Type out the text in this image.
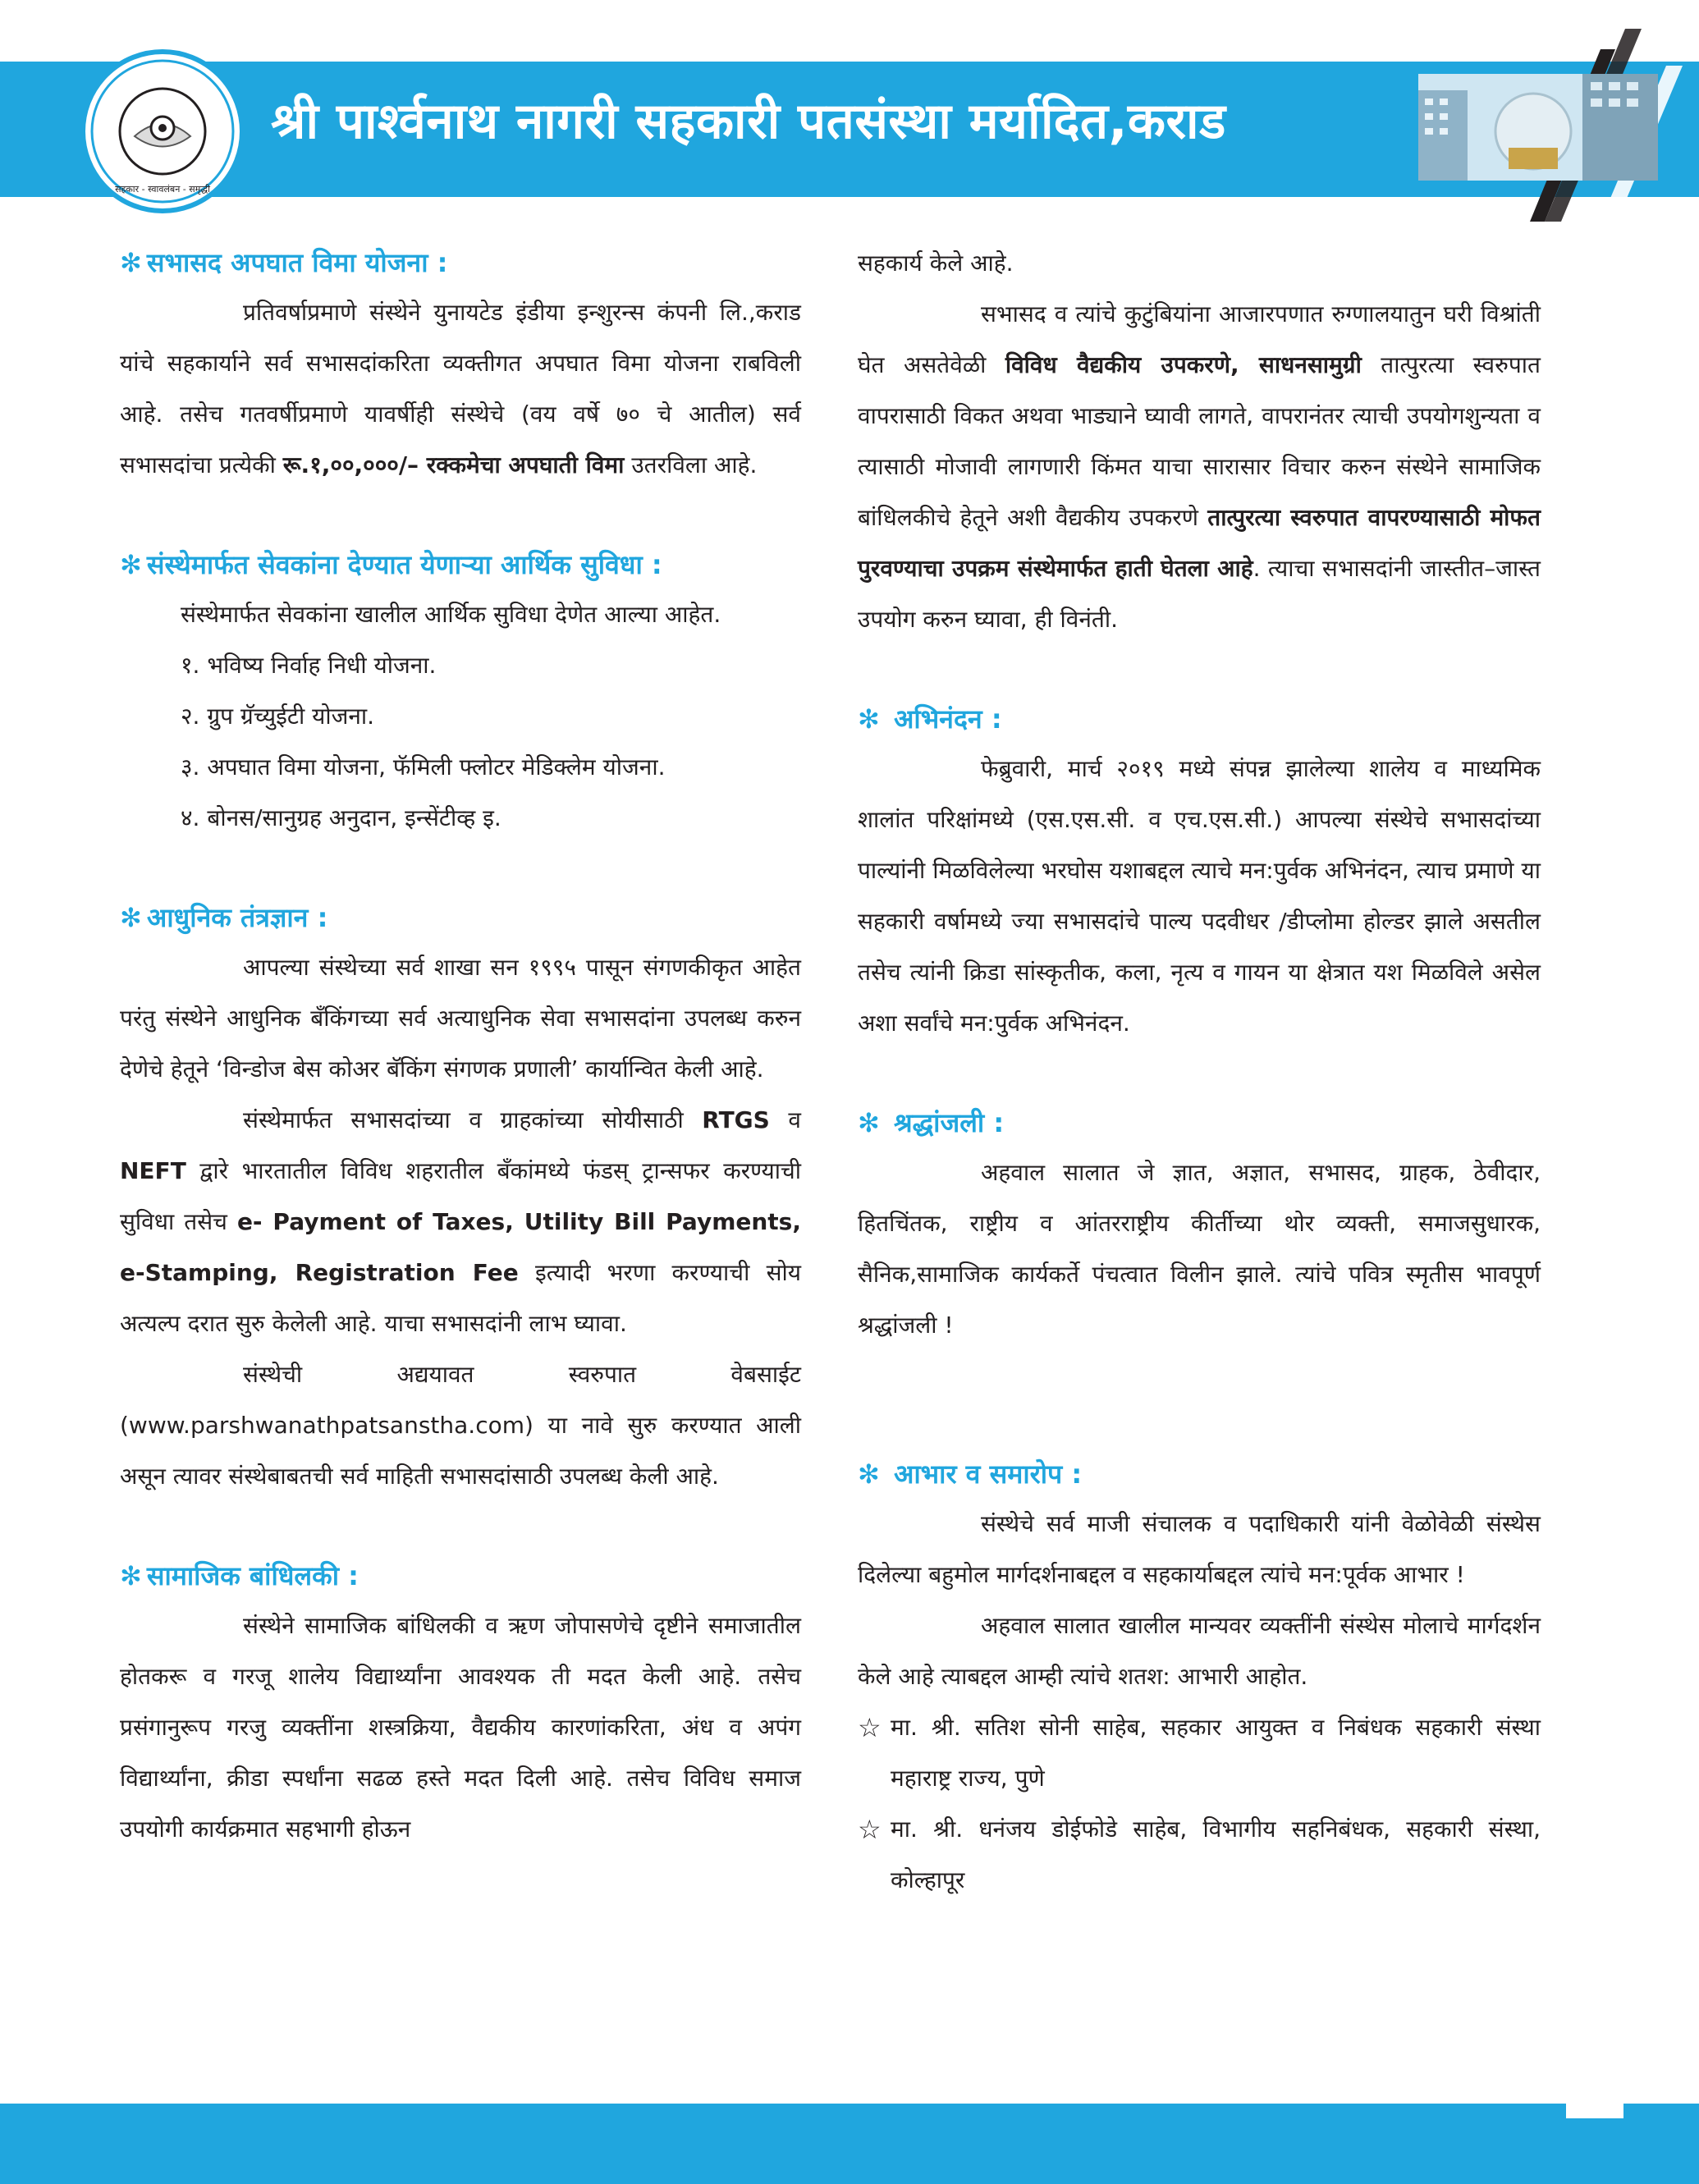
सहकार - स्वावलंबन - समृद्धी
श्री पार्श्वनाथ नागरी सहकारी पतसंस्था मर्यादित,कराड
✻ सभासद अपघात विमा योजना :

प्रतिवर्षाप्रमाणे संस्थेने युनायटेड इंडीया इन्शुरन्स कंपनी लि.,कराड यांचे सहकार्याने सर्व सभासदांकरिता व्यक्तीगत अपघात विमा योजना राबविली आहे. तसेच गतवर्षीप्रमाणे यावर्षीही संस्थेचे (वय वर्षे ७० चे आतील) सर्व सभासदांचा प्रत्येकी रू.१,००,०००/– रक्कमेचा अपघाती विमा उतरविला आहे.

✻ संस्थेमार्फत सेवकांना देण्यात येणाऱ्या आर्थिक सुविधा :

संस्थेमार्फत सेवकांना खालील आर्थिक सुविधा देणेत आल्या आहेत.

१. भविष्य निर्वाह निधी योजना.
२. ग्रुप ग्रॅच्युईटी योजना.
३. अपघात विमा योजना, फॅमिली फ्लोटर मेडिक्लेम योजना.
४. बोनस/सानुग्रह अनुदान, इन्सेंटीव्ह इ.
✻ आधुनिक तंत्रज्ञान :

आपल्या संस्थेच्या सर्व शाखा सन १९९५ पासून संगणकीकृत आहेत परंतु संस्थेने आधुनिक बँकिंगच्या सर्व अत्याधुनिक सेवा सभासदांना उपलब्ध करुन देणेचे हेतूने ‘विन्डोज बेस कोअर बॅकिंग संगणक प्रणाली’ कार्यान्वित केली आहे.

संस्थेमार्फत सभासदांच्या व ग्राहकांच्या सोयीसाठी RTGS व NEFT द्वारे भारतातील विविध शहरातील बँकांमध्ये फंडस् ट्रान्सफर करण्याची सुविधा तसेच e- Payment of Taxes, Utility Bill Payments, e-Stamping, Registration Fee इत्यादी भरणा करण्याची सोय अत्यल्प दरात सुरु केलेली आहे. याचा सभासदांनी लाभ घ्यावा.

संस्थेची अद्ययावत स्वरुपात वेबसाईट (www.parshwanathpatsanstha.com) या नावे सुरु करण्यात आली असून त्यावर संस्थेबाबतची सर्व माहिती सभासदांसाठी उपलब्ध केली आहे.

✻ सामाजिक बांधिलकी :

संस्थेने सामाजिक बांधिलकी व ऋण जोपासणेचे दृष्टीने समाजातील होतकरू व गरजू शालेय विद्यार्थ्यांना आवश्यक ती मदत केली आहे. तसेच प्रसंगानुरूप गरजु व्यक्तींना शस्त्रक्रिया, वैद्यकीय कारणांकरिता, अंध व अपंग विद्यार्थ्यांना, क्रीडा स्पर्धांना सढळ हस्ते मदत दिली आहे. तसेच विविध समाज उपयोगी कार्यक्रमात सहभागी होऊन

सहकार्य केले आहे.

सभासद व त्यांचे कुटुंबियांना आजारपणात रुग्णालयातुन घरी विश्रांती घेत असतेवेळी विविध वैद्यकीय उपकरणे, साधनसामुग्री तात्पुरत्या स्वरुपात वापरासाठी विकत अथवा भाड्याने घ्यावी लागते, वापरानंतर त्याची उपयोगशुन्यता व त्यासाठी मोजावी लागणारी किंमत याचा सारासार विचार करुन संस्थेने सामाजिक बांधिलकीचे हेतूने अशी वैद्यकीय उपकरणे तात्पुरत्या स्वरुपात वापरण्यासाठी मोफत पुरवण्याचा उपक्रम संस्थेमार्फत हाती घेतला आहे. त्याचा सभासदांनी जास्तीत–जास्त उपयोग करुन घ्यावा, ही विनंती.

✻ अभिनंदन :

फेब्रुवारी, मार्च २०१९ मध्ये संपन्न झालेल्या शालेय व माध्यमिक शालांत परिक्षांमध्ये (एस.एस.सी. व एच.एस.सी.) आपल्या संस्थेचे सभासदांच्या पाल्यांनी मिळविलेल्या भरघोस यशाबद्दल त्याचे मन:पुर्वक अभिनंदन, त्याच प्रमाणे या सहकारी वर्षामध्ये ज्या सभासदांचे पाल्य पदवीधर /डीप्लोमा होल्डर झाले असतील तसेच त्यांनी क्रिडा सांस्कृतीक, कला, नृत्य व गायन या क्षेत्रात यश मिळविले असेल अशा सर्वांचे मन:पुर्वक अभिनंदन.

✻ श्रद्धांजली :

अहवाल सालात जे ज्ञात, अज्ञात, सभासद, ग्राहक, ठेवीदार, हितचिंतक, राष्ट्रीय व आंतरराष्ट्रीय कीर्तीच्या थोर व्यक्ती, समाजसुधारक, सैनिक,सामाजिक कार्यकर्ते पंचत्वात विलीन झाले. त्यांचे पवित्र स्मृतीस भावपूर्ण श्रद्धांजली !

✻ आभार व समारोप :

संस्थेचे सर्व माजी संचालक व पदाधिकारी यांनी वेळोवेळी संस्थेस दिलेल्या बहुमोल मार्गदर्शनाबद्दल व सहकार्याबद्दल त्यांचे मन:पूर्वक आभार !

अहवाल सालात खालील मान्यवर व्यक्तींनी संस्थेस मोलाचे मार्गदर्शन केले आहे त्याबद्दल आम्ही त्यांचे शतश: आभारी आहोत.

☆ मा. श्री. सतिश सोनी साहेब, सहकार आयुक्त व निबंधक सहकारी संस्था महाराष्ट्र राज्य, पुणे
☆ मा. श्री. धनंजय डोईफोडे साहेब, विभागीय सहनिबंधक, सहकारी संस्था, कोल्हापूर
